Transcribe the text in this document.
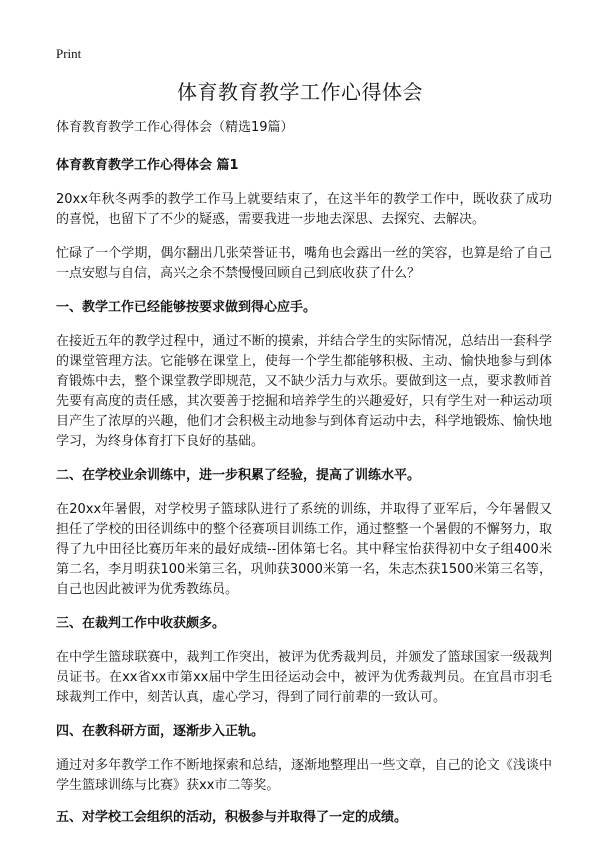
Print
体育教育教学工作心得体会

体育教育教学工作心得体会（精选19篇）

体育教育教学工作心得体会 篇1

20xx年秋冬两季的教学工作马上就要结束了，在这半年的教学工作中，既收获了成功的喜悦，也留下了不少的疑惑，需要我进一步地去深思、去探究、去解决。

忙碌了一个学期，偶尔翻出几张荣誉证书，嘴角也会露出一丝的笑容，也算是给了自己一点安慰与自信，高兴之余不禁慢慢回顾自己到底收获了什么？

一、教学工作已经能够按要求做到得心应手。

在接近五年的教学过程中，通过不断的摸索，并结合学生的实际情况，总结出一套科学的课堂管理方法。它能够在课堂上，使每一个学生都能够积极、主动、愉快地参与到体育锻炼中去，整个课堂教学即规范，又不缺少活力与欢乐。要做到这一点，要求教师首先要有高度的责任感，其次要善于挖掘和培养学生的兴趣爱好，只有学生对一种运动项目产生了浓厚的兴趣，他们才会积极主动地参与到体育运动中去，科学地锻炼、愉快地学习，为终身体育打下良好的基础。

二、在学校业余训练中，进一步积累了经验，提高了训练水平。

在20xx年暑假，对学校男子篮球队进行了系统的训练，并取得了亚军后，今年暑假又担任了学校的田径训练中的整个径赛项目训练工作，通过整整一个暑假的不懈努力，取得了九中田径比赛历年来的最好成绩--团体第七名。其中释宝怡获得初中女子组400米第二名，李月明获100米第三名，巩帅获3000米第一名，朱志杰获1500米第三名等，自己也因此被评为优秀教练员。

三、在裁判工作中收获颇多。

在中学生篮球联赛中，裁判工作突出，被评为优秀裁判员，并颁发了篮球国家一级裁判员证书。在xx省xx市第xx届中学生田径运动会中，被评为优秀裁判员。在宜昌市羽毛球裁判工作中，刻苦认真，虚心学习，得到了同行前辈的一致认可。

四、在教科研方面，逐渐步入正轨。

通过对多年教学工作不断地探索和总结，逐渐地整理出一些文章，自己的论文《浅谈中学生篮球训练与比赛》获xx市二等奖。

五、对学校工会组织的活动，积极参与并取得了一定的成绩。
